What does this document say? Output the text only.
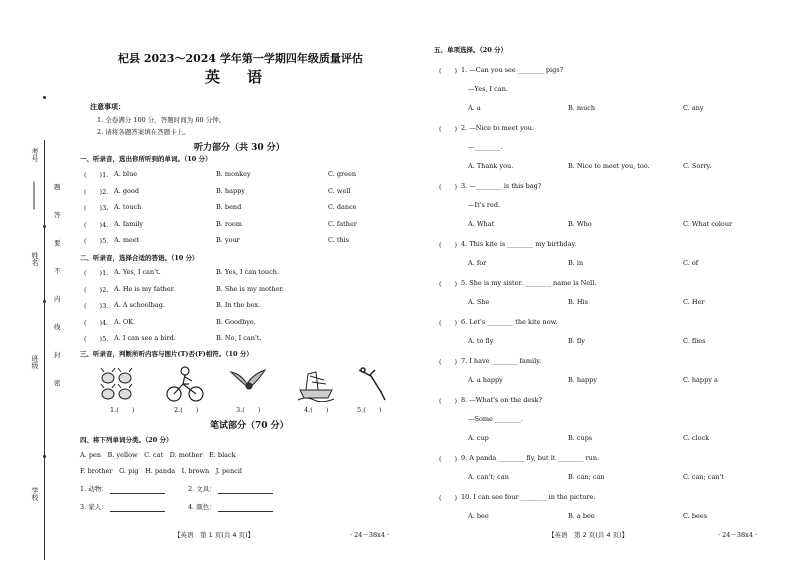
考号
姓名
班级
学校
题
答
要
不
内
线
封
密
杞县 2023～2024 学年第一学期四年级质量评估
英　语
注意事项：
1. 全卷满分 100 分，答题时间为 60 分钟。
2. 请将各题答案填在答题卡上。
听力部分（共 30 分）
一、听录音，选出你所听到的单词。（10 分）
(　　)1. A. blue	B. monkey	C. green
(　　)2. A. good	B. happy	C. well
(　　)3. A. touch	B. bend	C. dance
(　　)4. A. family	B. room	C. father
(　　)5. A. meet	B. your	C. this
二、听录音，选择合适的答语。（10 分）
(　　)1. A. Yes, I can't.	B. Yes, I can touch.
(　　)2. A. He is my father.	B. She is my mother.
(　　)3. A. A schoolbag.	B. In the box.
(　　)4. A. OK.	B. Goodbye.
(　　)5. A. I can see a bird.	B. No, I can't.
三、听录音，判断所听内容与图片(T)否(F)相符。（10 分）
1.(　　)	2.(　　)	3.(　　)	4.(　　)	5.(　　)
笔试部分（70 分）
四、将下列单词分类。（20 分）
A. pen　B. yellow　C. cat　D. mother　E. black
F. brother　G. pig　H. panda　I. brown　J. pencil
1. 动物：	2. 文具：
3. 家人：	4. 颜色：
【英语　第 1 页(共 4 页)】	· 24－38x4 ·
五、单项选择。（20 分）
(　　) 1. —Can you see ________ pigs?
—Yes, I can.
A. a	B. much	C. any
(　　) 2. —Nice to meet you.
—________.
A. Thank you.	B. Nice to meet you, too.	C. Sorry.
(　　) 3. —________ is this bag?
—It's red.
A. What	B. Who	C. What colour
(　　) 4. This kite is ________ my birthday.
A. for	B. in	C. of
(　　) 5. She is my sister. ________ name is Nell.
A. She	B. His	C. Her
(　　) 6. Let's ________ the kite now.
A. to fly	B. fly	C. flies
(　　) 7. I have ________ family.
A. a happy	B. happy	C. happy a
(　　) 8. —What's on the desk?
—Some ________.
A. cup	B. cups	C. clock
(　　) 9. A panda ________ fly, but it ________ run.
A. can't; can	B. can; can	C. can; can't
(　　) 10. I can see four ________ in the picture.
A. bee	B. a bee	C. bees
【英语　第 2 页(共 4 页)】	· 24－38x4 ·
